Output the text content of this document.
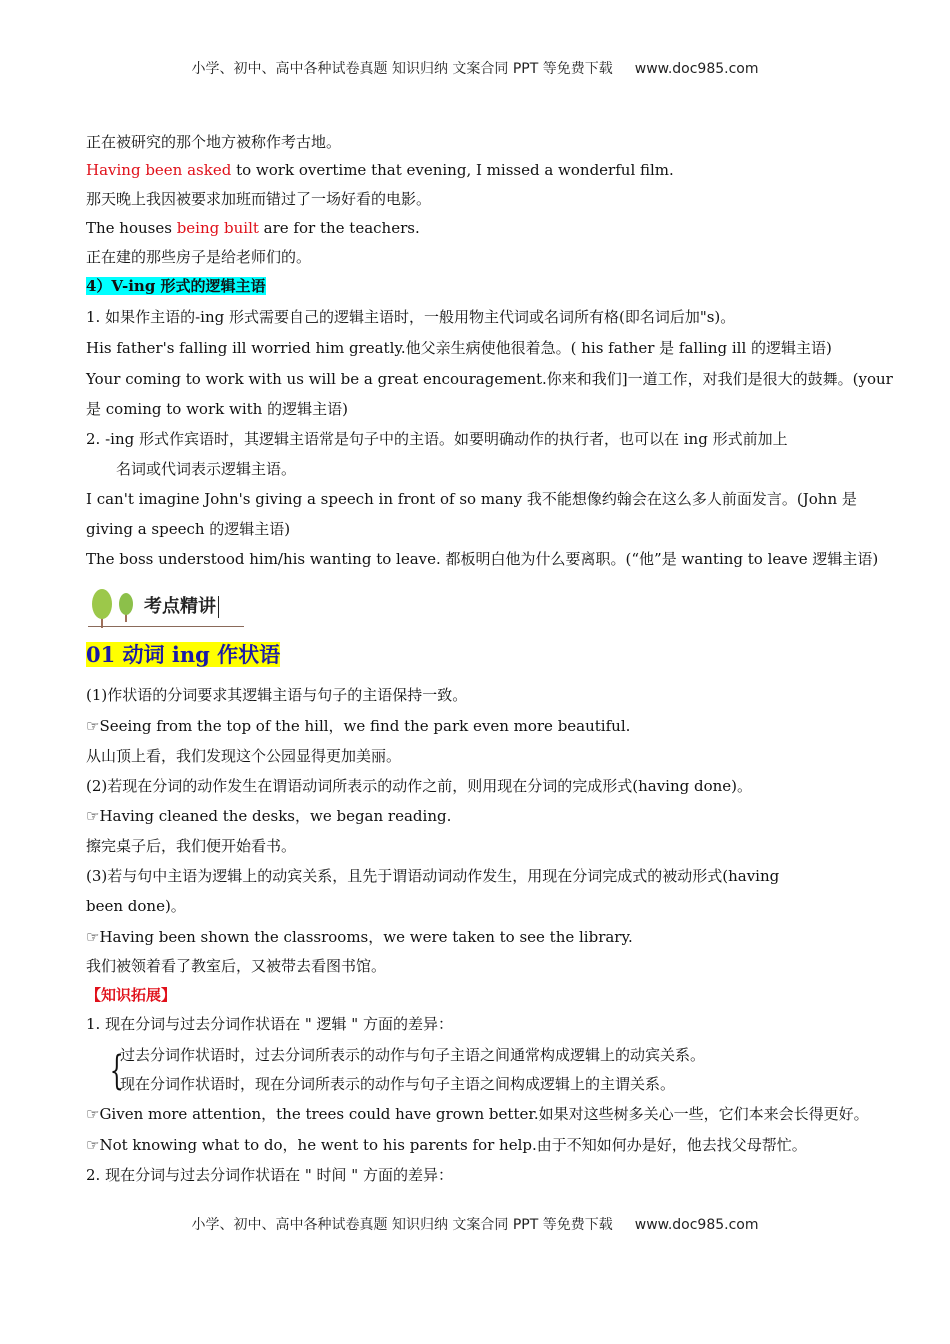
小学、初中、高中各种试卷真题 知识归纳 文案合同 PPT 等免费下载 www.doc985.com
正在被研究的那个地方被称作考古地。
Having been asked to work overtime that evening, I missed a wonderful film.
那天晚上我因被要求加班而错过了一场好看的电影。
The houses being built are for the teachers.
正在建的那些房子是给老师们的。
4）V-ing 形式的逻辑主语
1. 如果作主语的-ing 形式需要自己的逻辑主语时，一般用物主代词或名词所有格(即名词后加"s)。
His father's falling ill worried him greatly.他父亲生病使他很着急。( his father 是 falling ill 的逻辑主语)
Your coming to work with us will be a great encouragement.你来和我们]一道工作，对我们是很大的鼓舞。(your
是 coming to work with 的逻辑主语)
2. -ing 形式作宾语时，其逻辑主语常是句子中的主语。如要明确动作的执行者，也可以在 ing 形式前加上
名词或代词表示逻辑主语。
I can't imagine John's giving a speech in front of so many 我不能想像约翰会在这么多人前面发言。(John 是
giving a speech 的逻辑主语)
The boss understood him/his wanting to leave. 都板明白他为什么要离职。(“他”是 wanting to leave 逻辑主语)
01 动词 ing 作状语
(1)作状语的分词要求其逻辑主语与句子的主语保持一致。
☞Seeing from the top of the hill，we find the park even more beautiful.
从山顶上看，我们发现这个公园显得更加美丽。
(2)若现在分词的动作发生在谓语动词所表示的动作之前，则用现在分词的完成形式(having done)。
☞Having cleaned the desks，we began reading.
擦完桌子后，我们便开始看书。
(3)若与句中主语为逻辑上的动宾关系，且先于谓语动词动作发生，用现在分词完成式的被动形式(having
been done)。
☞Having been shown the classrooms，we were taken to see the library.
我们被领着看了教室后，又被带去看图书馆。
【知识拓展】
1. 现在分词与过去分词作状语在 " 逻辑 " 方面的差异：
过去分词作状语时，过去分词所表示的动作与句子主语之间通常构成逻辑上的动宾关系。
现在分词作状语时，现在分词所表示的动作与句子主语之间构成逻辑上的主谓关系。
☞Given more attention，the trees could have grown better.如果对这些树多关心一些，它们本来会长得更好。
☞Not knowing what to do，he went to his parents for help.由于不知如何办是好，他去找父母帮忙。
2. 现在分词与过去分词作状语在 " 时间 " 方面的差异：
考点精讲
{
小学、初中、高中各种试卷真题 知识归纳 文案合同 PPT 等免费下载 www.doc985.com
